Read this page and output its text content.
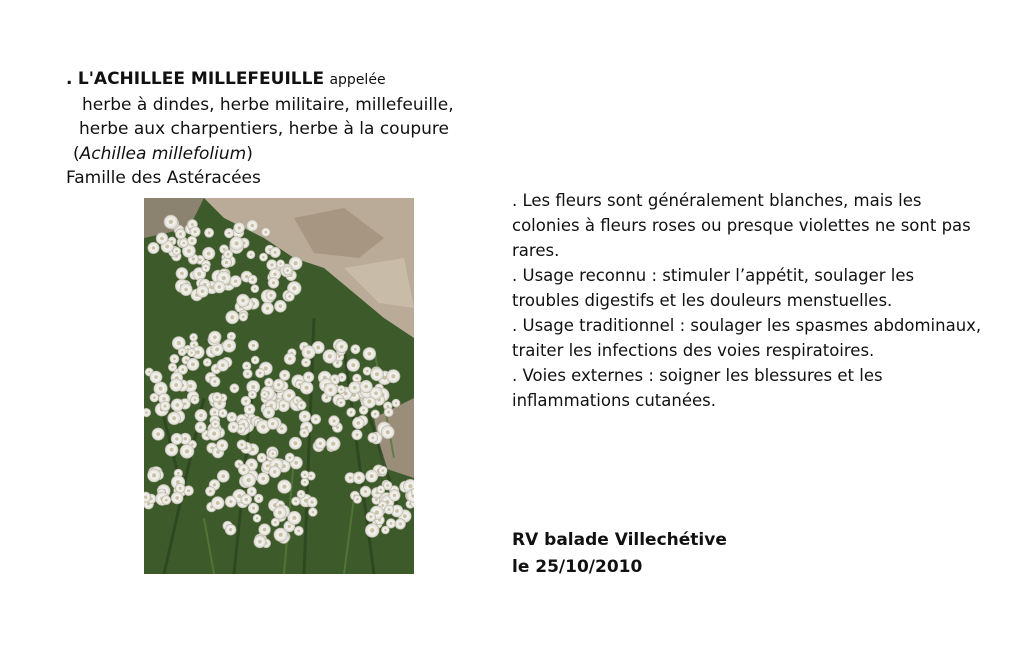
. L'ACHILLEE MILLEFEUILLE appelée
herbe à dindes, herbe militaire, millefeuille,
herbe aux charpentiers, herbe à la coupure
(Achillea millefolium)
Famille des Astéracées

. Les fleurs sont généralement blanches, mais les colonies à fleurs roses ou presque violettes ne sont pas rares.

. Usage reconnu : stimuler l’appétit, soulager les troubles digestifs et les douleurs menstuelles.

. Usage traditionnel : soulager les spasmes abdominaux, traiter les infections des voies respiratoires.

. Voies externes : soigner les blessures et les inflammations cutanées.

RV balade Villechétive
le 25/10/2010
